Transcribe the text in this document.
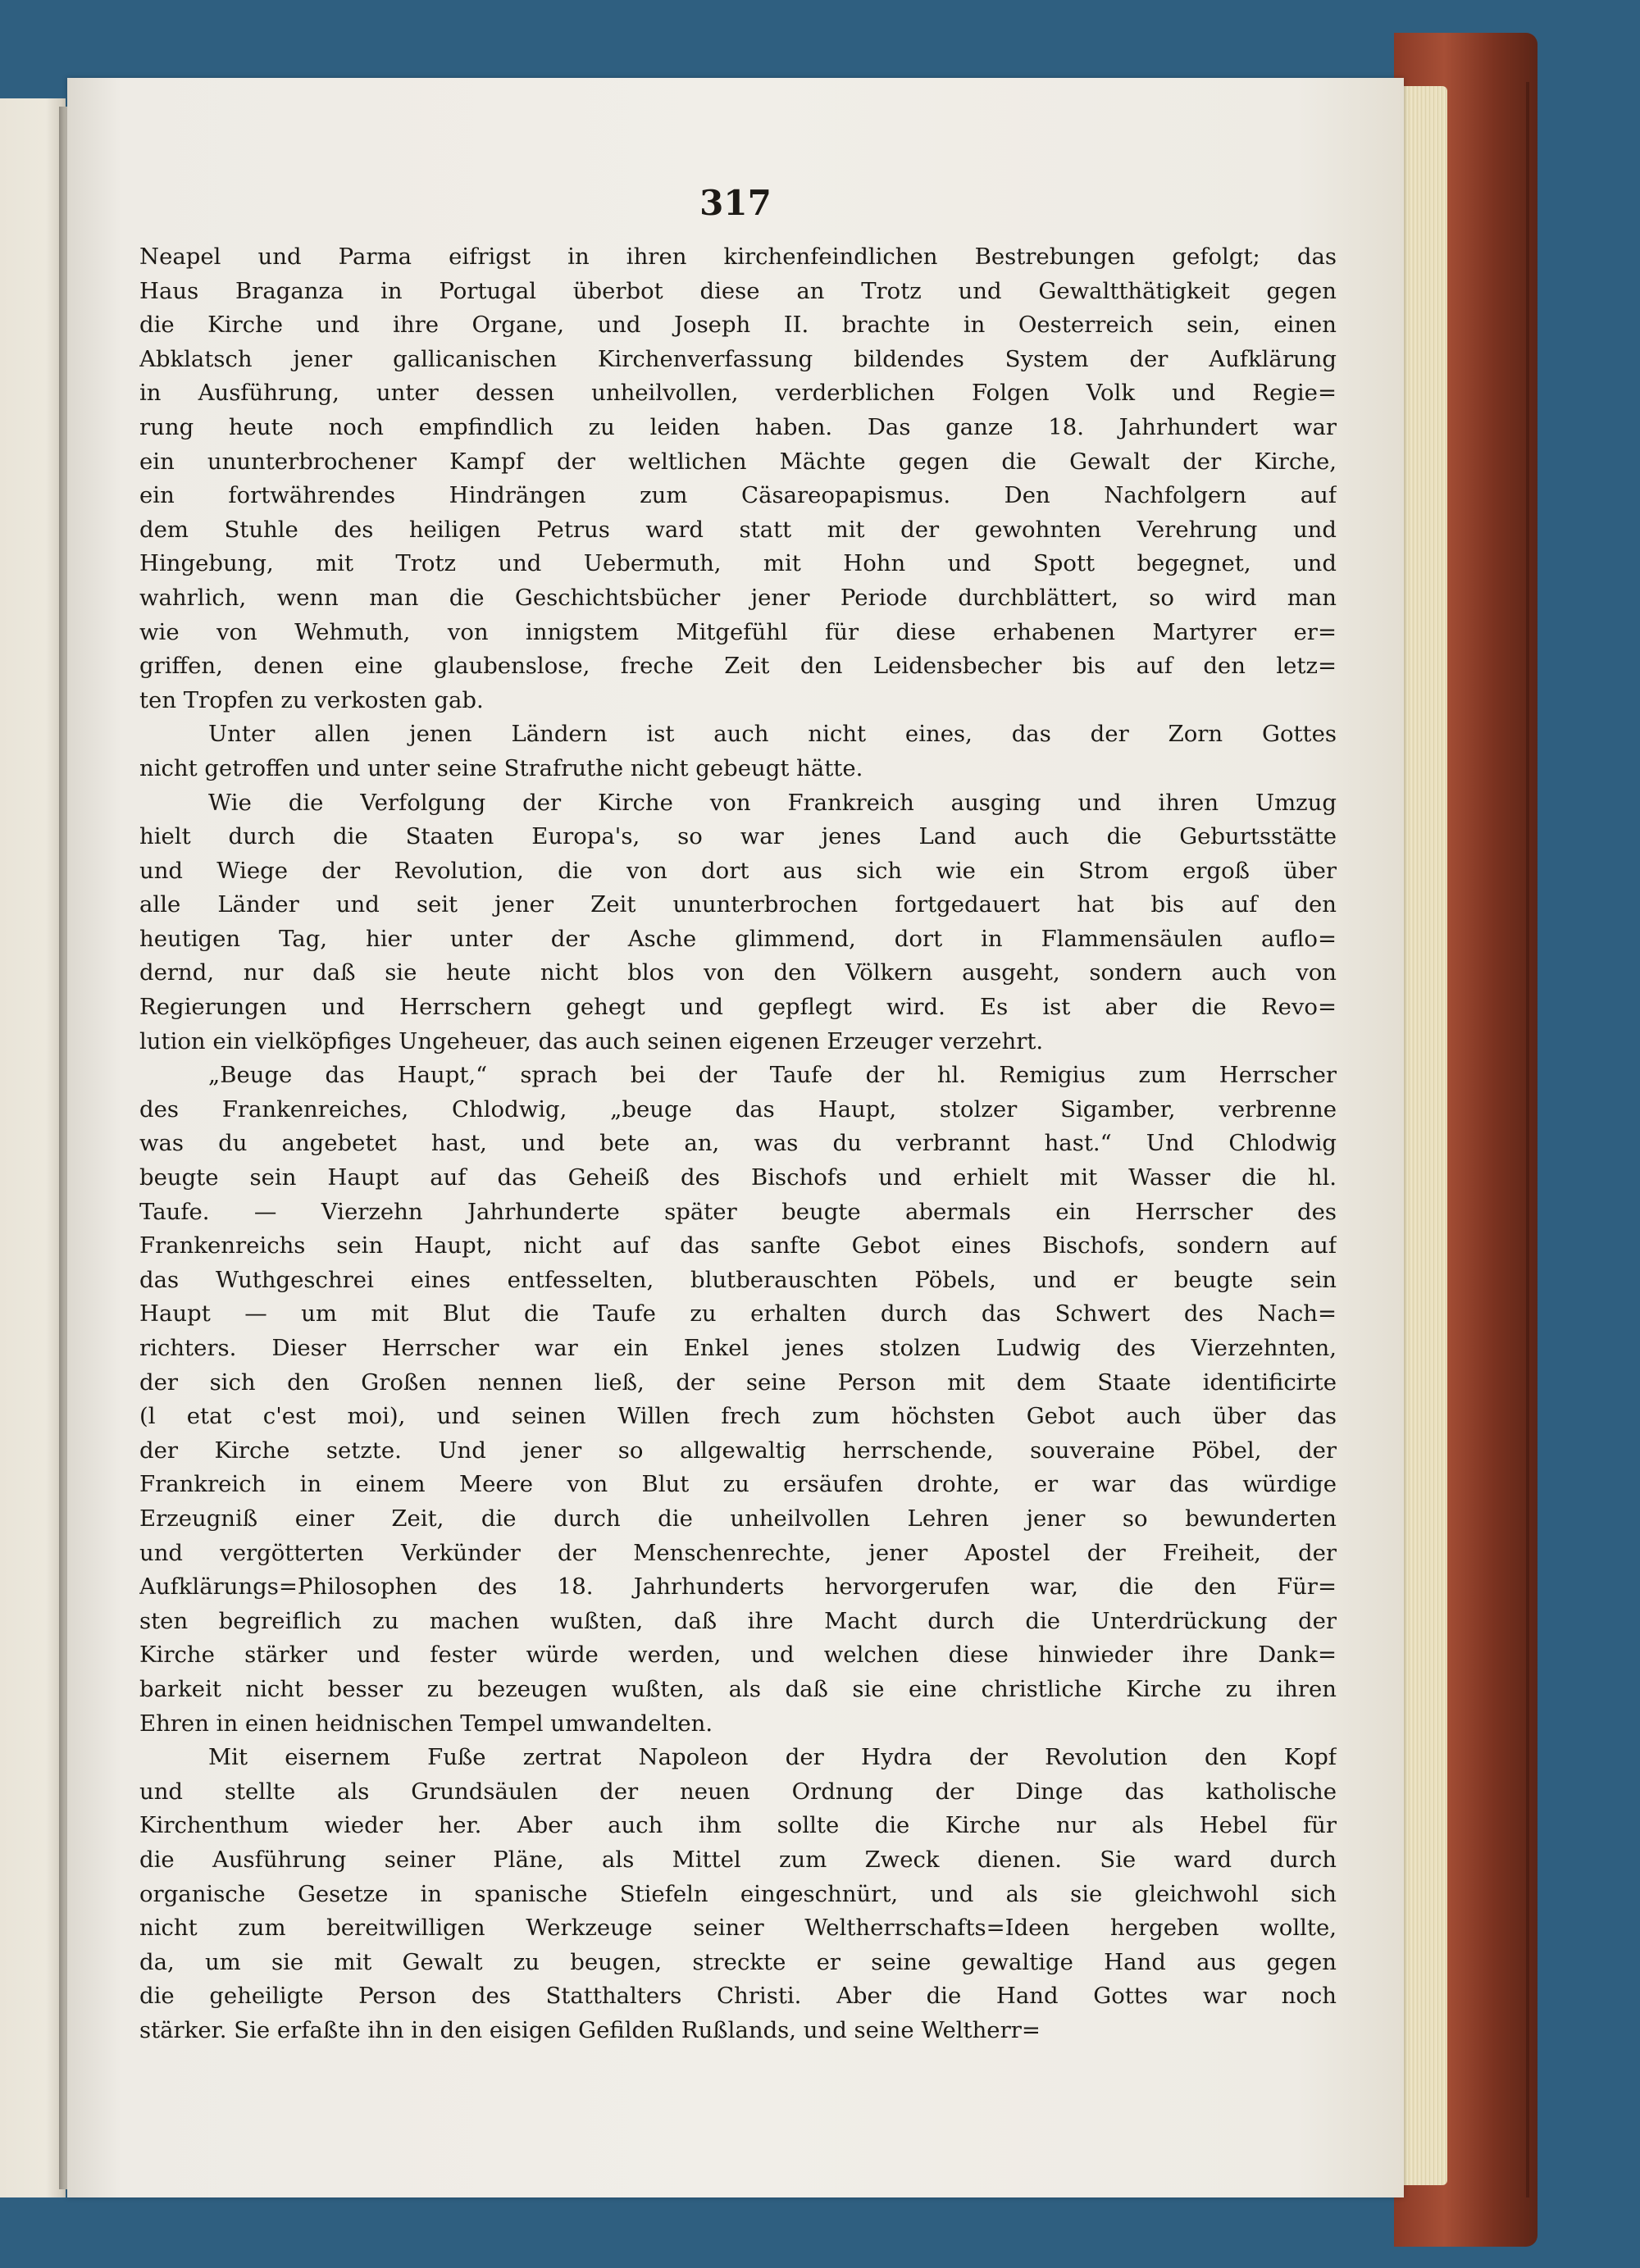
317
Neapel und Parma eifrigst in ihren kirchenfeindlichen Bestrebungen gefolgt; das
Haus Braganza in Portugal überbot diese an Trotz und Gewaltthätigkeit gegen
die Kirche und ihre Organe, und Joseph II. brachte in Oesterreich sein, einen
Abklatsch jener gallicanischen Kirchenverfassung bildendes System der Aufklärung
in Ausführung, unter dessen unheilvollen, verderblichen Folgen Volk und Regie=
rung heute noch empfindlich zu leiden haben. Das ganze 18. Jahrhundert war
ein ununterbrochener Kampf der weltlichen Mächte gegen die Gewalt der Kirche,
ein fortwährendes Hindrängen zum Cäsareopapismus. Den Nachfolgern auf
dem Stuhle des heiligen Petrus ward statt mit der gewohnten Verehrung und
Hingebung, mit Trotz und Uebermuth, mit Hohn und Spott begegnet, und
wahrlich, wenn man die Geschichtsbücher jener Periode durchblättert, so wird man
wie von Wehmuth, von innigstem Mitgefühl für diese erhabenen Martyrer er=
griffen, denen eine glaubenslose, freche Zeit den Leidensbecher bis auf den letz=
ten Tropfen zu verkosten gab.
Unter allen jenen Ländern ist auch nicht eines, das der Zorn Gottes
nicht getroffen und unter seine Strafruthe nicht gebeugt hätte.
Wie die Verfolgung der Kirche von Frankreich ausging und ihren Umzug
hielt durch die Staaten Europa's, so war jenes Land auch die Geburtsstätte
und Wiege der Revolution, die von dort aus sich wie ein Strom ergoß über
alle Länder und seit jener Zeit ununterbrochen fortgedauert hat bis auf den
heutigen Tag, hier unter der Asche glimmend, dort in Flammensäulen auflo=
dernd, nur daß sie heute nicht blos von den Völkern ausgeht, sondern auch von
Regierungen und Herrschern gehegt und gepflegt wird. Es ist aber die Revo=
lution ein vielköpfiges Ungeheuer, das auch seinen eigenen Erzeuger verzehrt.
„Beuge das Haupt,“ sprach bei der Taufe der hl. Remigius zum Herrscher
des Frankenreiches, Chlodwig, „beuge das Haupt, stolzer Sigamber, verbrenne
was du angebetet hast, und bete an, was du verbrannt hast.“ Und Chlodwig
beugte sein Haupt auf das Geheiß des Bischofs und erhielt mit Wasser die hl.
Taufe. — Vierzehn Jahrhunderte später beugte abermals ein Herrscher des
Frankenreichs sein Haupt, nicht auf das sanfte Gebot eines Bischofs, sondern auf
das Wuthgeschrei eines entfesselten, blutberauschten Pöbels, und er beugte sein
Haupt — um mit Blut die Taufe zu erhalten durch das Schwert des Nach=
richters. Dieser Herrscher war ein Enkel jenes stolzen Ludwig des Vierzehnten,
der sich den Großen nennen ließ, der seine Person mit dem Staate identificirte
(l etat c'est moi), und seinen Willen frech zum höchsten Gebot auch über das
der Kirche setzte. Und jener so allgewaltig herrschende, souveraine Pöbel, der
Frankreich in einem Meere von Blut zu ersäufen drohte, er war das würdige
Erzeugniß einer Zeit, die durch die unheilvollen Lehren jener so bewunderten
und vergötterten Verkünder der Menschenrechte, jener Apostel der Freiheit, der
Aufklärungs=Philosophen des 18. Jahrhunderts hervorgerufen war, die den Für=
sten begreiflich zu machen wußten, daß ihre Macht durch die Unterdrückung der
Kirche stärker und fester würde werden, und welchen diese hinwieder ihre Dank=
barkeit nicht besser zu bezeugen wußten, als daß sie eine christliche Kirche zu ihren
Ehren in einen heidnischen Tempel umwandelten.
Mit eisernem Fuße zertrat Napoleon der Hydra der Revolution den Kopf
und stellte als Grundsäulen der neuen Ordnung der Dinge das katholische
Kirchenthum wieder her. Aber auch ihm sollte die Kirche nur als Hebel für
die Ausführung seiner Pläne, als Mittel zum Zweck dienen. Sie ward durch
organische Gesetze in spanische Stiefeln eingeschnürt, und als sie gleichwohl sich
nicht zum bereitwilligen Werkzeuge seiner Weltherrschafts=Ideen hergeben wollte,
da, um sie mit Gewalt zu beugen, streckte er seine gewaltige Hand aus gegen
die geheiligte Person des Statthalters Christi. Aber die Hand Gottes war noch
stärker. Sie erfaßte ihn in den eisigen Gefilden Rußlands, und seine Weltherr=
